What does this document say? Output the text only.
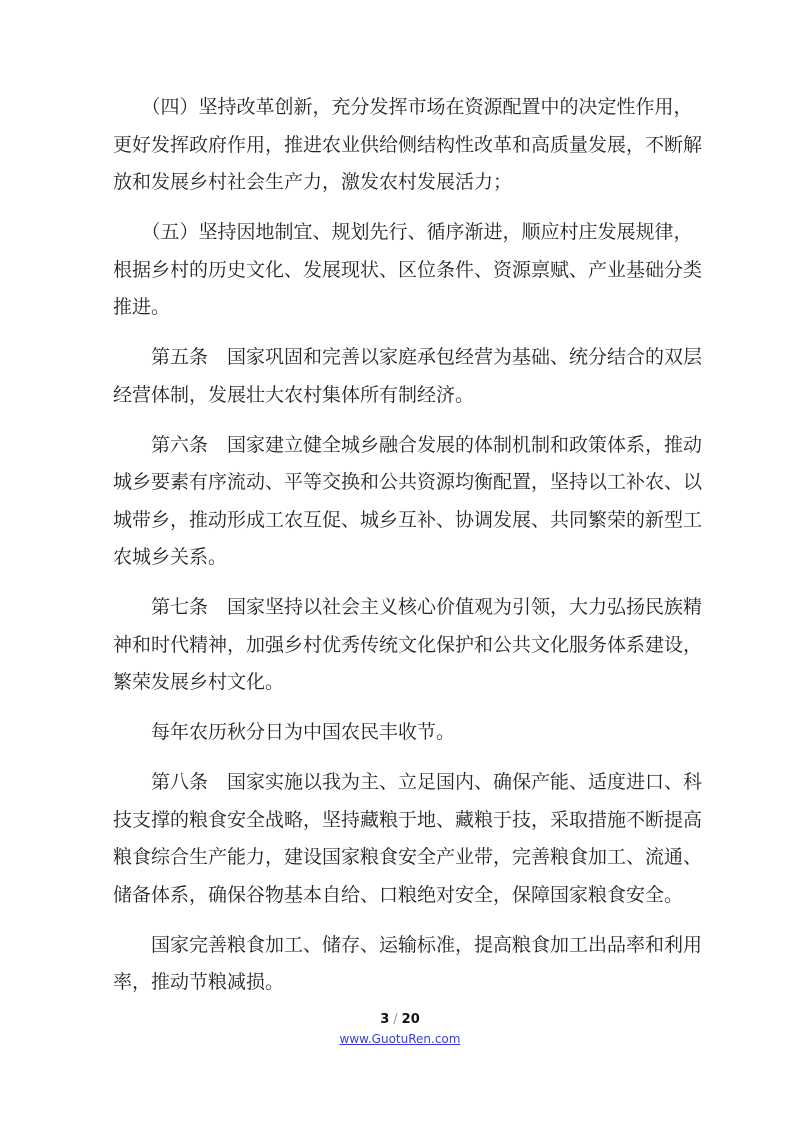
　　（四）坚持改革创新，充分发挥市场在资源配置中的决定性作用，
更好发挥政府作用，推进农业供给侧结构性改革和高质量发展，不断解
放和发展乡村社会生产力，激发农村发展活力；
　　（五）坚持因地制宜、规划先行、循序渐进，顺应村庄发展规律，
根据乡村的历史文化、发展现状、区位条件、资源禀赋、产业基础分类
推进。
　　第五条　国家巩固和完善以家庭承包经营为基础、统分结合的双层
经营体制，发展壮大农村集体所有制经济。
　　第六条　国家建立健全城乡融合发展的体制机制和政策体系，推动
城乡要素有序流动、平等交换和公共资源均衡配置，坚持以工补农、以
城带乡，推动形成工农互促、城乡互补、协调发展、共同繁荣的新型工
农城乡关系。
　　第七条　国家坚持以社会主义核心价值观为引领，大力弘扬民族精
神和时代精神，加强乡村优秀传统文化保护和公共文化服务体系建设，
繁荣发展乡村文化。
　　每年农历秋分日为中国农民丰收节。
　　第八条　国家实施以我为主、立足国内、确保产能、适度进口、科
技支撑的粮食安全战略，坚持藏粮于地、藏粮于技，采取措施不断提高
粮食综合生产能力，建设国家粮食安全产业带，完善粮食加工、流通、
储备体系，确保谷物基本自给、口粮绝对安全，保障国家粮食安全。
　　国家完善粮食加工、储存、运输标准，提高粮食加工出品率和利用
率，推动节粮减损。
3 / 20
www.GuotuRen.com
